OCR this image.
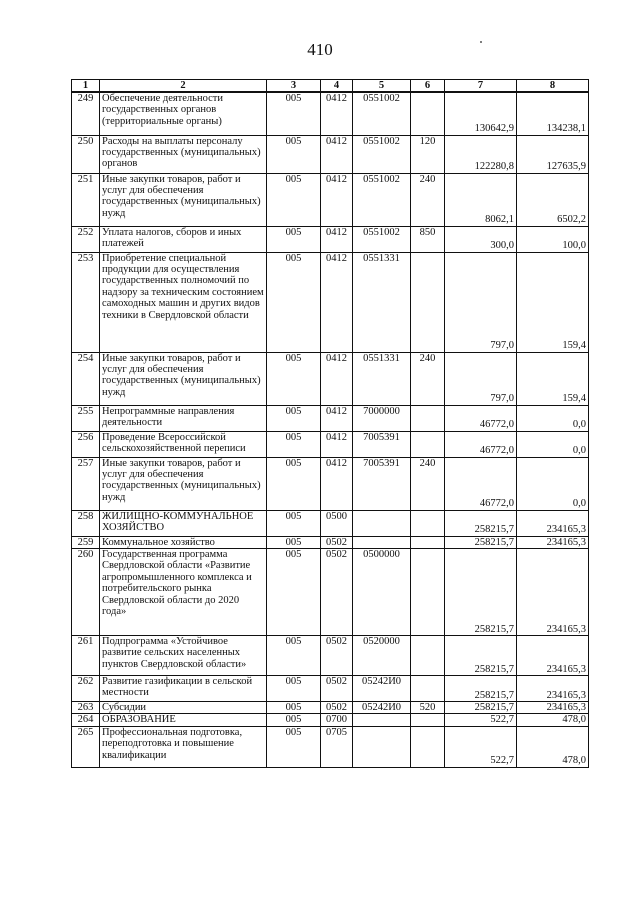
410
1	2	3	4	5	6	7	8
249	Обеспечение деятельности государственных органов (территориальные органы)	005	0412	0551002		130642,9	134238,1
250	Расходы на выплаты персоналу государственных (муниципальных) органов	005	0412	0551002	120	122280,8	127635,9
251	Иные закупки товаров, работ и услуг для обеспечения государственных (муниципальных) нужд	005	0412	0551002	240	8062,1	6502,2
252	Уплата налогов, сборов и иных платежей	005	0412	0551002	850	300,0	100,0
253	Приобретение специальной продукции для осуществления государственных полномочий по надзору за техническим состоянием самоходных машин и других видов техники в Свердловской области	005	0412	0551331		797,0	159,4
254	Иные закупки товаров, работ и услуг для обеспечения государственных (муниципальных) нужд	005	0412	0551331	240	797,0	159,4
255	Непрограммные направления деятельности	005	0412	7000000		46772,0	0,0
256	Проведение Всероссийской сельскохозяйственной переписи	005	0412	7005391		46772,0	0,0
257	Иные закупки товаров, работ и услуг для обеспечения государственных (муниципальных) нужд	005	0412	7005391	240	46772,0	0,0
258	ЖИЛИЩНО-КОММУНАЛЬНОЕ ХОЗЯЙСТВО	005	0500			258215,7	234165,3
259	Коммунальное хозяйство	005	0502			258215,7	234165,3
260	Государственная программа Свердловской области «Развитие агропромышленного комплекса и потребительского рынка Свердловской области до 2020 года»	005	0502	0500000		258215,7	234165,3
261	Подпрограмма «Устойчивое развитие сельских населенных пунктов Свердловской области»	005	0502	0520000		258215,7	234165,3
262	Развитие газификации в сельской местности	005	0502	05242И0		258215,7	234165,3
263	Субсидии	005	0502	05242И0	520	258215,7	234165,3
264	ОБРАЗОВАНИЕ	005	0700			522,7	478,0
265	Профессиональная подготовка, переподготовка и повышение квалификации	005	0705			522,7	478,0
